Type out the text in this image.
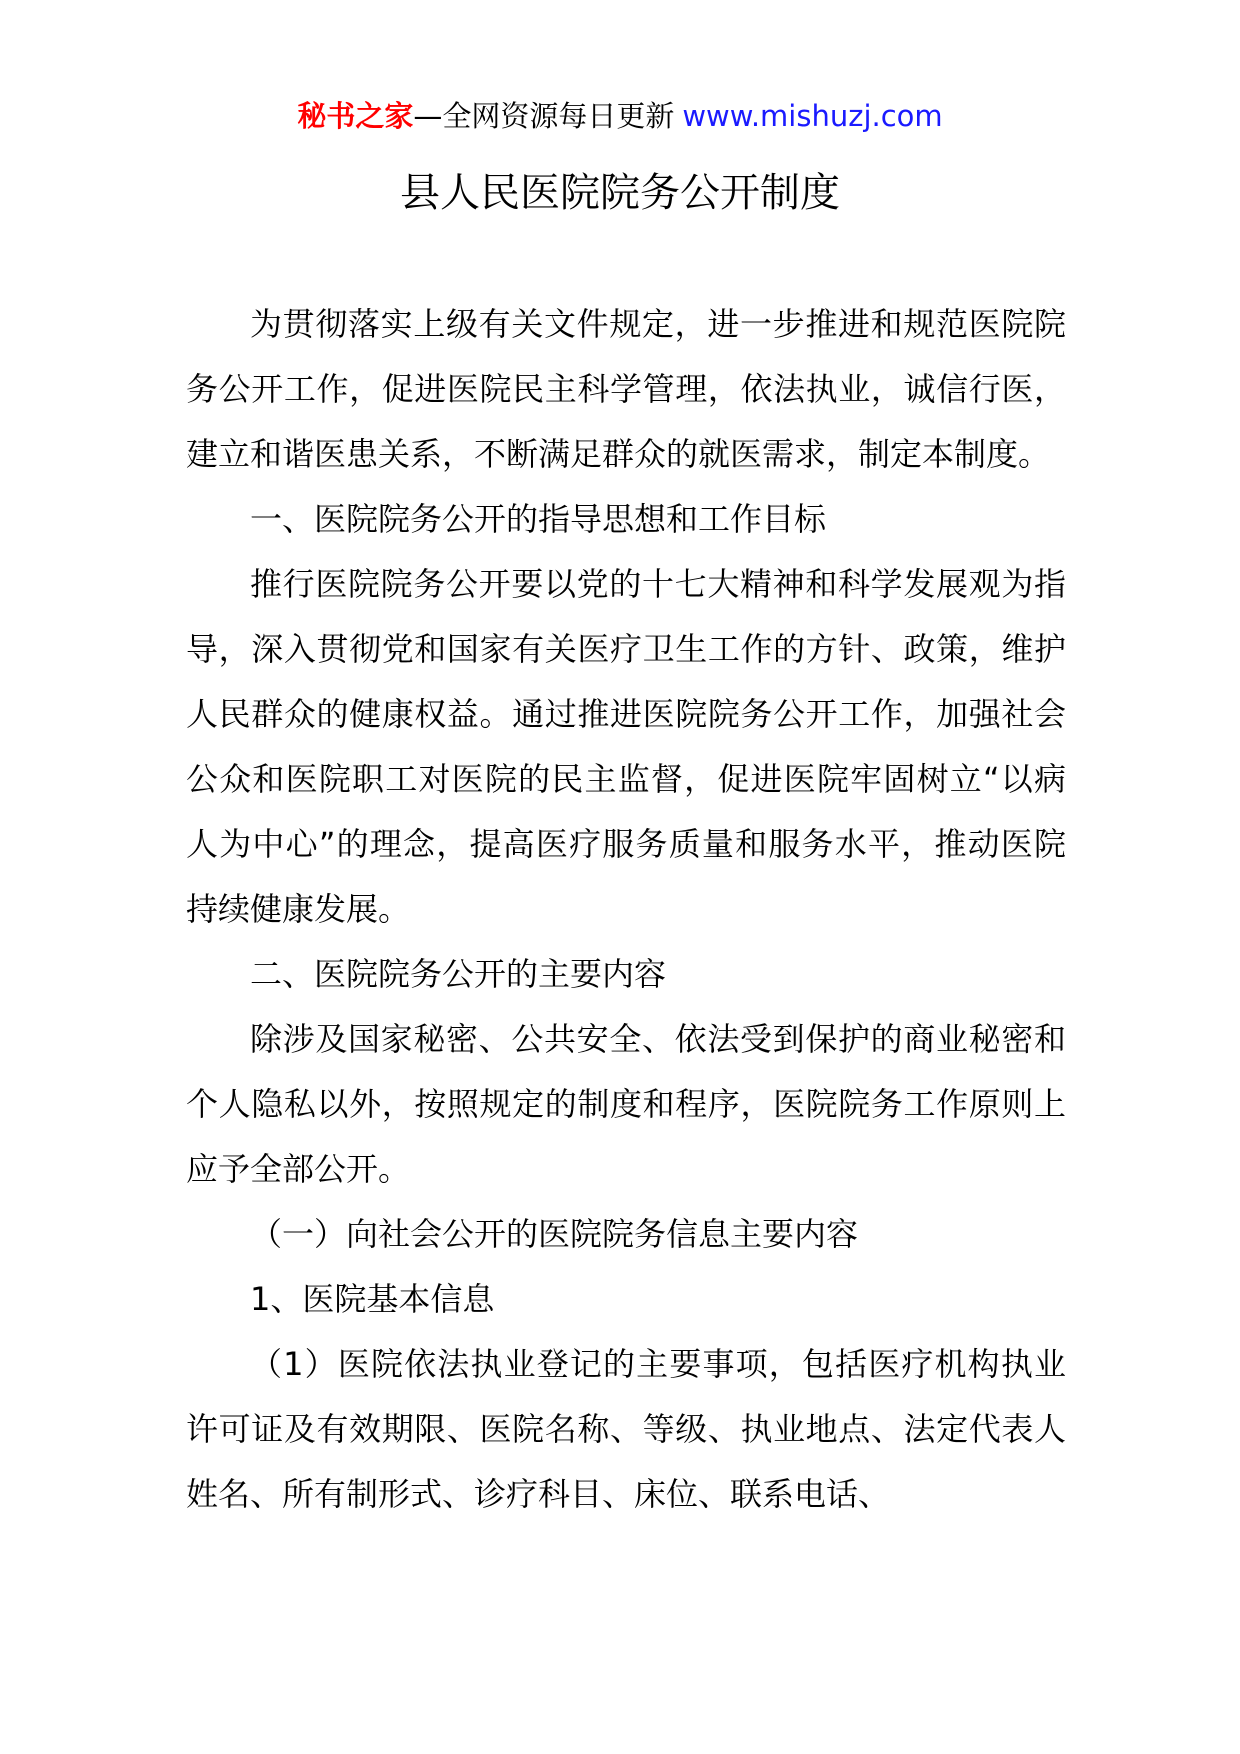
秘书之家—全网资源每日更新 www.mishuzj.com
县人民医院院务公开制度

为贯彻落实上级有关文件规定，进一步推进和规范医院院务公开工作，促进医院民主科学管理，依法执业，诚信行医，建立和谐医患关系，不断满足群众的就医需求，制定本制度。

一、医院院务公开的指导思想和工作目标

推行医院院务公开要以党的十七大精神和科学发展观为指导，深入贯彻党和国家有关医疗卫生工作的方针、政策，维护人民群众的健康权益。通过推进医院院务公开工作，加强社会公众和医院职工对医院的民主监督，促进医院牢固树立“以病人为中心”的理念，提高医疗服务质量和服务水平，推动医院持续健康发展。

二、医院院务公开的主要内容

除涉及国家秘密、公共安全、依法受到保护的商业秘密和个人隐私以外，按照规定的制度和程序，医院院务工作原则上应予全部公开。

（一）向社会公开的医院院务信息主要内容

1、医院基本信息

（1）医院依法执业登记的主要事项，包括医疗机构执业许可证及有效期限、医院名称、等级、执业地点、法定代表人姓名、所有制形式、诊疗科目、床位、联系电话、
